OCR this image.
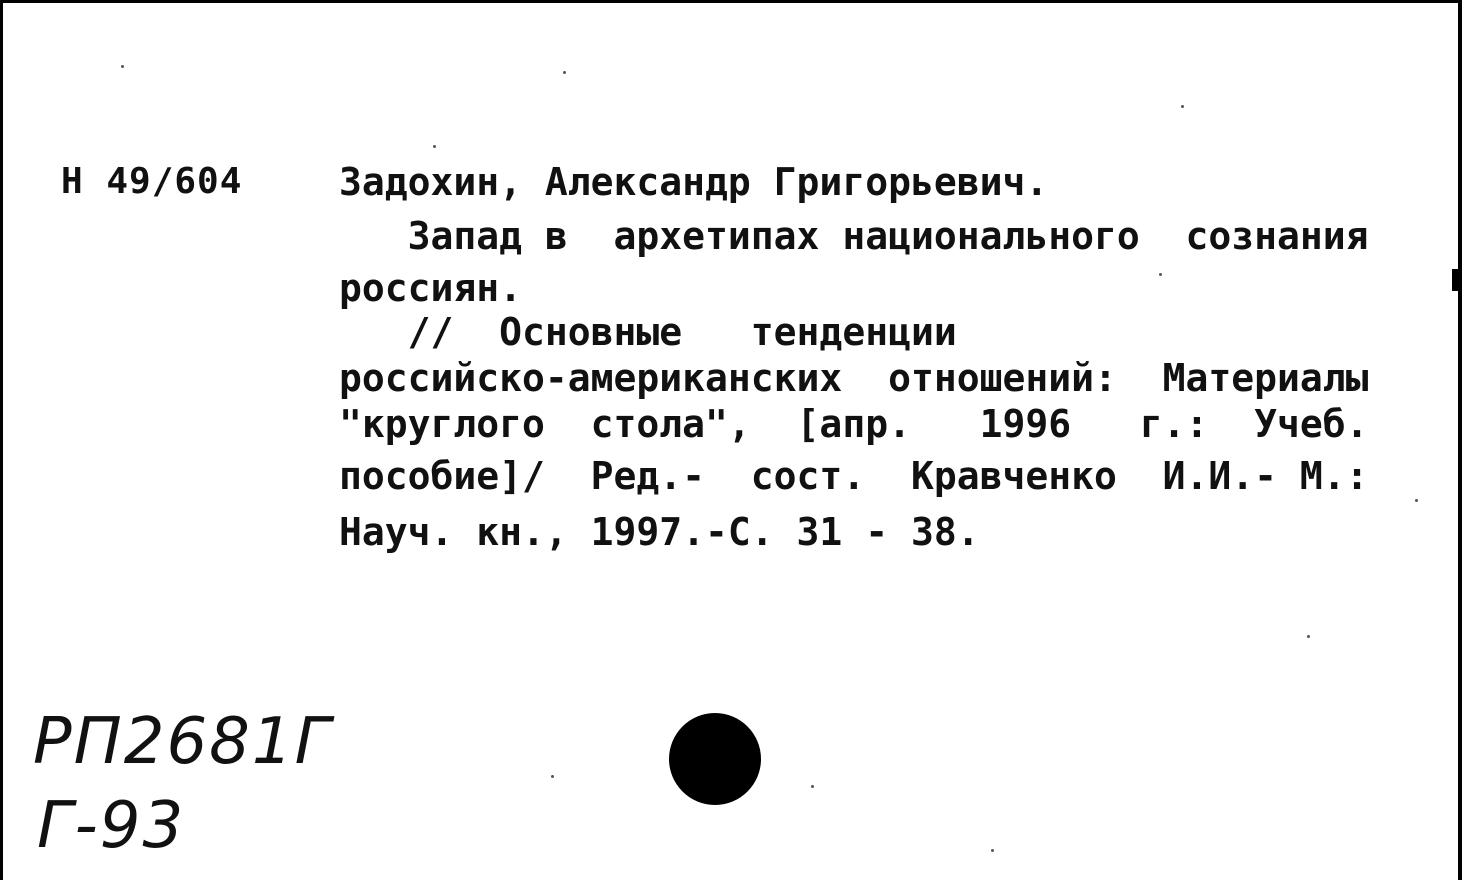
Н 49/604	Задохин, Александр Григорьевич.
Запад в  архетипах национального  сознания
россиян.
//  Основные   тенденции
российско-американских  отношений:  Материалы
"круглого  стола",  [апр.   1996   г.:  Учеб.
пособие]/  Ред.-  сост.  Кравченко  И.И.- М.:
Науч. кн., 1997.-С. 31 - 38.
РП2681Г
Г-93
